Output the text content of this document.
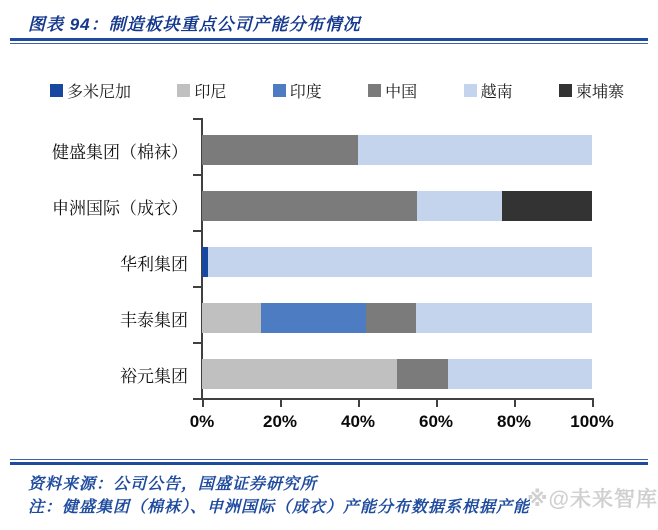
图表 94：制造板块重点公司产能分布情况
多米尼加	印尼	印度	中国	越南	柬埔寨
健盛集团（棉袜）
申洲国际（成衣）
华利集团
丰泰集团
裕元集团
0%	20%	40%	60%	80% 100%
※@未来智库
资料来源：公司公告，国盛证券研究所
注：健盛集团（棉袜）、申洲国际（成衣）产能分布数据系根据产能
